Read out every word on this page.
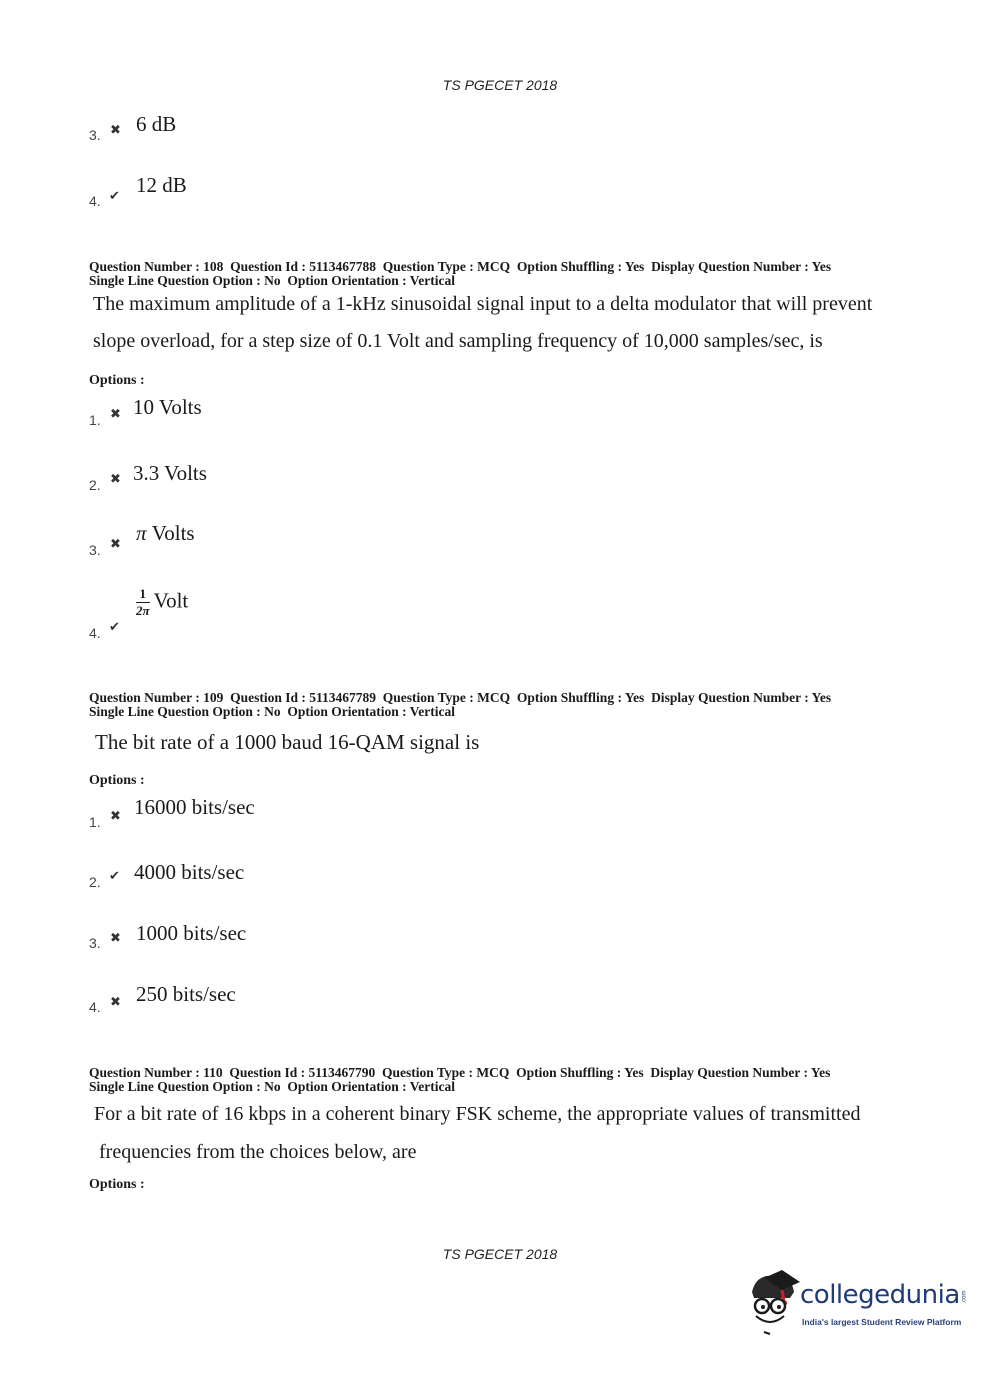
TS PGECET 2018
3. ✖ 6 dB
4. ✔ 12 dB
Question Number : 108  Question Id : 5113467788  Question Type : MCQ  Option Shuffling : Yes  Display Question Number : Yes
Single Line Question Option : No  Option Orientation : Vertical
The maximum amplitude of a 1-kHz sinusoidal signal input to a delta modulator that will prevent
slope overload, for a step size of 0.1 Volt and sampling frequency of 10,000 samples/sec, is
Options :
1. ✖ 10 Volts
2. ✖ 3.3 Volts
3. ✖ π Volts
4. ✔
$\frac{1}{2\pi}$ Volt
Question Number : 109  Question Id : 5113467789  Question Type : MCQ  Option Shuffling : Yes  Display Question Number : Yes
Single Line Question Option : No  Option Orientation : Vertical
The bit rate of a 1000 baud 16-QAM signal is
Options :
1. ✖ 16000 bits/sec
2. ✔ 4000 bits/sec
3. ✖ 1000 bits/sec
4. ✖ 250 bits/sec
Question Number : 110  Question Id : 5113467790  Question Type : MCQ  Option Shuffling : Yes  Display Question Number : Yes
Single Line Question Option : No  Option Orientation : Vertical
For a bit rate of 16 kbps in a coherent binary FSK scheme, the appropriate values of transmitted
frequencies from the choices below, are
Options :
TS PGECET 2018
collegedunia .com
India's largest Student Review Platform
